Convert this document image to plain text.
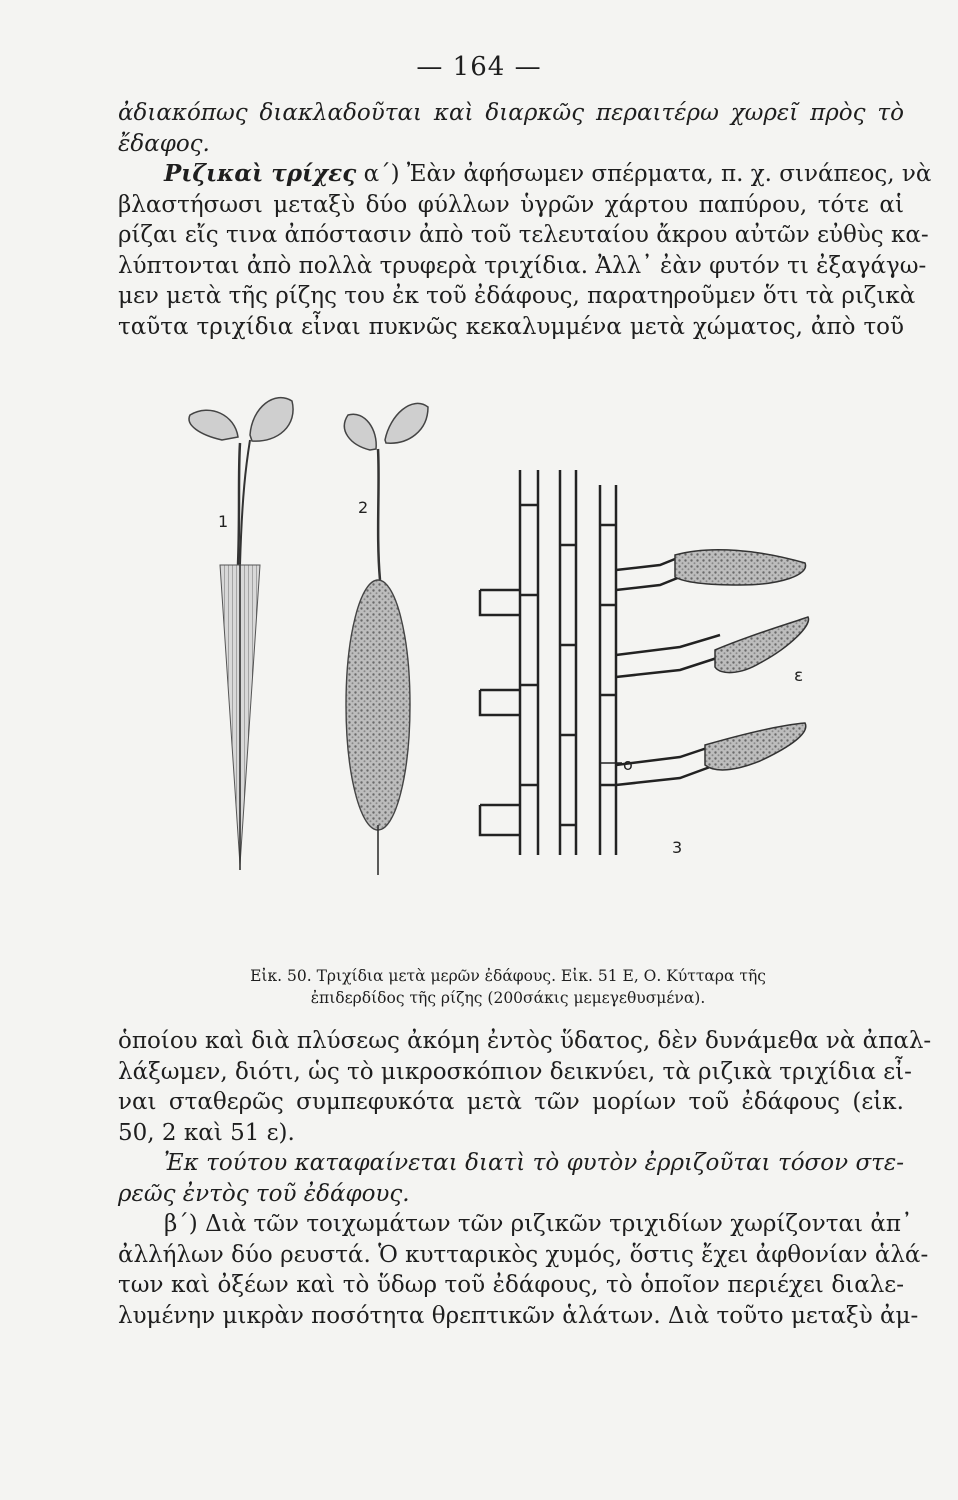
— 164 —
ἀδιακόπως διακλαδοῦται καὶ διαρκῶς περαιτέρω χωρεῖ πρὸς τὸ
ἔδαφος.
Ριζικαὶ τρίχες α΄) Ἐὰν ἀφήσωμεν σπέρματα, π. χ. σινάπεος, νὰ
βλαστήσωσι μεταξὺ δύο φύλλων ὑγρῶν χάρτου παπύρου, τότε αἱ
ρίζαι εἴς τινα ἀπόστασιν ἀπὸ τοῦ τελευταίου ἄκρου αὐτῶν εὐθὺς κα-
λύπτονται ἀπὸ πολλὰ τρυφερὰ τριχίδια. Ἀλλ᾽ ἐὰν φυτόν τι ἐξαγάγω-
μεν μετὰ τῆς ρίζης του ἐκ τοῦ ἐδάφους, παρατηροῦμεν ὅτι τὰ ριζικὰ
ταῦτα τριχίδια εἶναι πυκνῶς κεκαλυμμένα μετὰ χώματος, ἀπὸ τοῦ
1
2
3
ε
o
Εἰκ. 50. Τριχίδια μετὰ μερῶν ἐδάφους. Εἰκ. 51 Ε, Ο. Κύτταρα τῆς
ἐπιδερδίδος τῆς ρίζης (200σάκις μεμεγεθυσμένα).
ὁποίου καὶ διὰ πλύσεως ἀκόμη ἐντὸς ὕδατος, δὲν δυνάμεθα νὰ ἀπαλ-
λάξωμεν, διότι, ὡς τὸ μικροσκόπιον δεικνύει, τὰ ριζικὰ τριχίδια εἶ-
ναι σταθερῶς συμπεφυκότα μετὰ τῶν μορίων τοῦ ἐδάφους (εἰκ.
50, 2 καὶ 51 ε).
Ἐκ τούτου καταφαίνεται διατὶ τὸ φυτὸν ἐρριζοῦται τόσον στε-
ρεῶς ἐντὸς τοῦ ἐδάφους.
β΄) Διὰ τῶν τοιχωμάτων τῶν ριζικῶν τριχιδίων χωρίζονται ἀπ᾽
ἀλλήλων δύο ρευστά. Ὁ κυτταρικὸς χυμός, ὅστις ἔχει ἀφθονίαν ἁλά-
των καὶ ὀξέων καὶ τὸ ὕδωρ τοῦ ἐδάφους, τὸ ὁποῖον περιέχει διαλε-
λυμένην μικρὰν ποσότητα θρεπτικῶν ἁλάτων. Διὰ τοῦτο μεταξὺ ἀμ-
